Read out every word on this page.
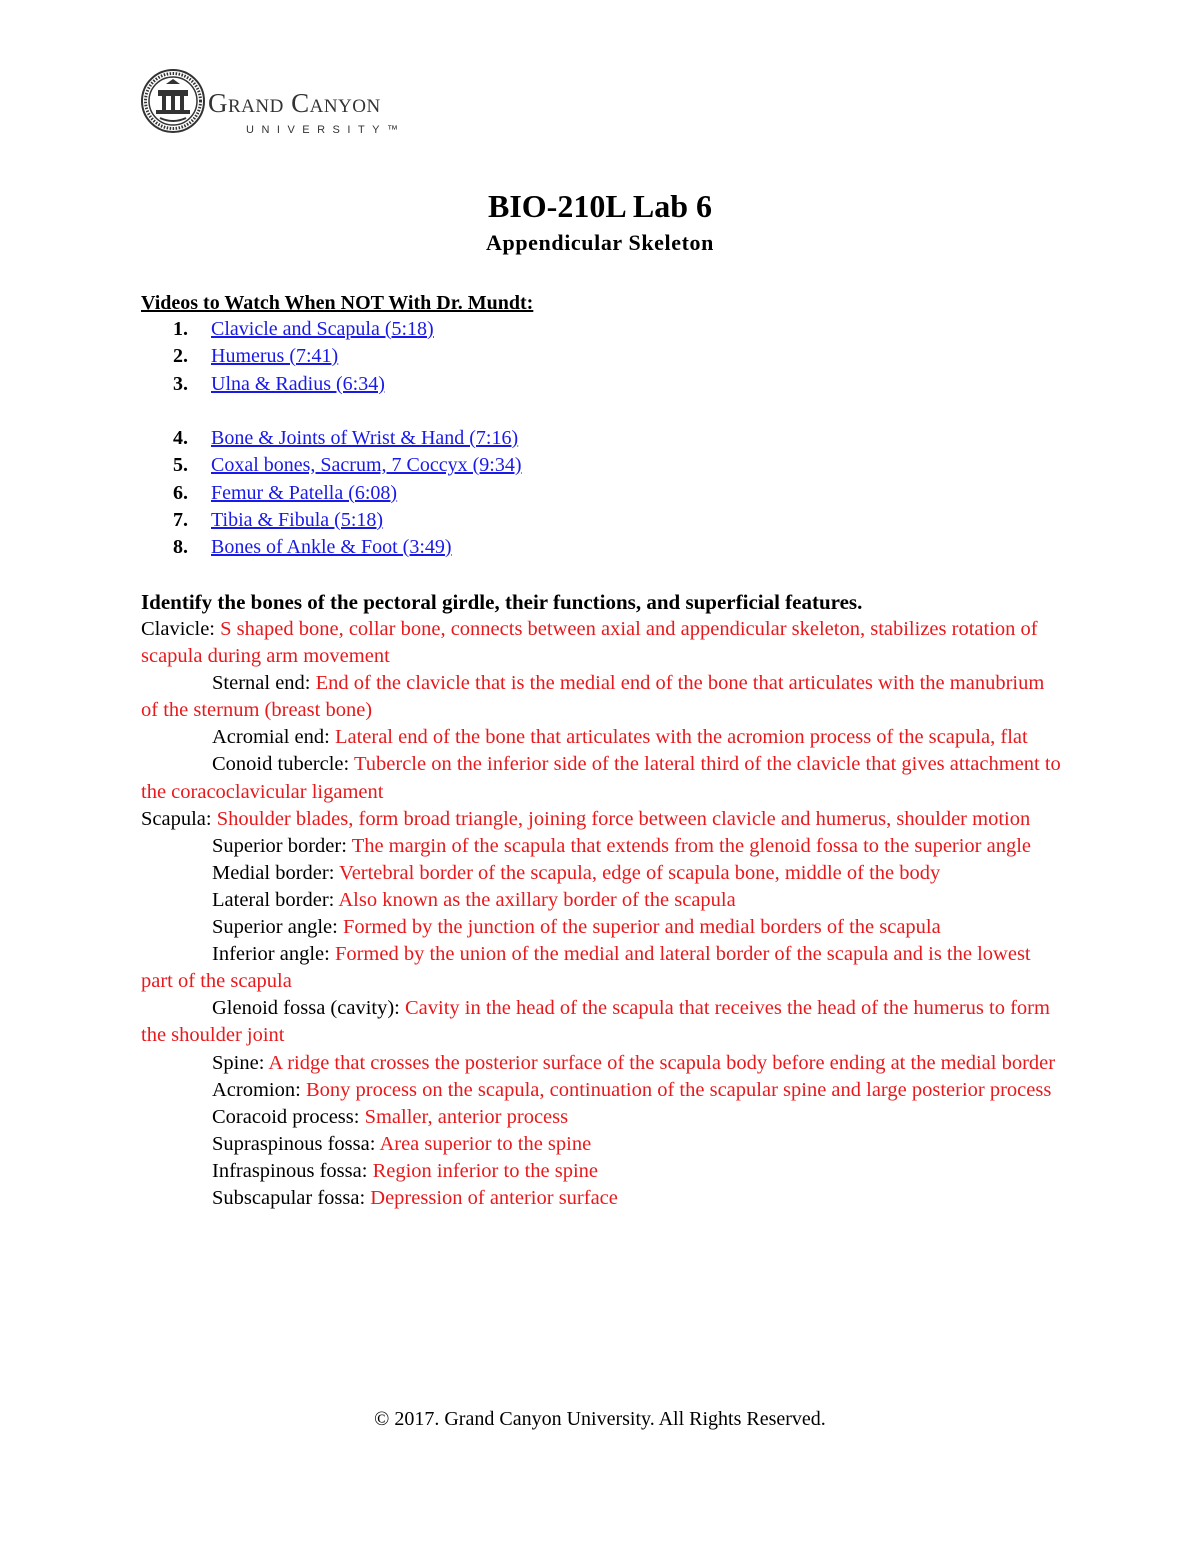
Grand Canyon
UNIVERSITY™
BIO-210L Lab 6
Appendicular Skeleton
Videos to Watch When NOT With Dr. Mundt:
1. Clavicle and Scapula (5:18)
2. Humerus (7:41)
3. Ulna & Radius (6:34)
4. Bone & Joints of Wrist & Hand (7:16)
5. Coxal bones, Sacrum, 7 Coccyx (9:34)
6. Femur & Patella (6:08)
7. Tibia & Fibula (5:18)
8. Bones of Ankle & Foot (3:49)
Identify the bones of the pectoral girdle, their functions, and superficial features.

Clavicle: S shaped bone, collar bone, connects between axial and appendicular skeleton, stabilizes rotation of scapula during arm movement

Sternal end: End of the clavicle that is the medial end of the bone that articulates with the manubrium of the sternum (breast bone)

Acromial end: Lateral end of the bone that articulates with the acromion process of the scapula, flat

Conoid tubercle: Tubercle on the inferior side of the lateral third of the clavicle that gives attachment to the coracoclavicular ligament

Scapula: Shoulder blades, form broad triangle, joining force between clavicle and humerus, shoulder motion

Superior border: The margin of the scapula that extends from the glenoid fossa to the superior angle

Medial border: Vertebral border of the scapula, edge of scapula bone, middle of the body

Lateral border: Also known as the axillary border of the scapula

Superior angle: Formed by the junction of the superior and medial borders of the scapula

Inferior angle: Formed by the union of the medial and lateral border of the scapula and is the lowest part of the scapula

Glenoid fossa (cavity): Cavity in the head of the scapula that receives the head of the humerus to form the shoulder joint

Spine: A ridge that crosses the posterior surface of the scapula body before ending at the medial border

Acromion: Bony process on the scapula, continuation of the scapular spine and large posterior process

Coracoid process: Smaller, anterior process

Supraspinous fossa: Area superior to the spine

Infraspinous fossa: Region inferior to the spine

Subscapular fossa: Depression of anterior surface

© 2017. Grand Canyon University. All Rights Reserved.
